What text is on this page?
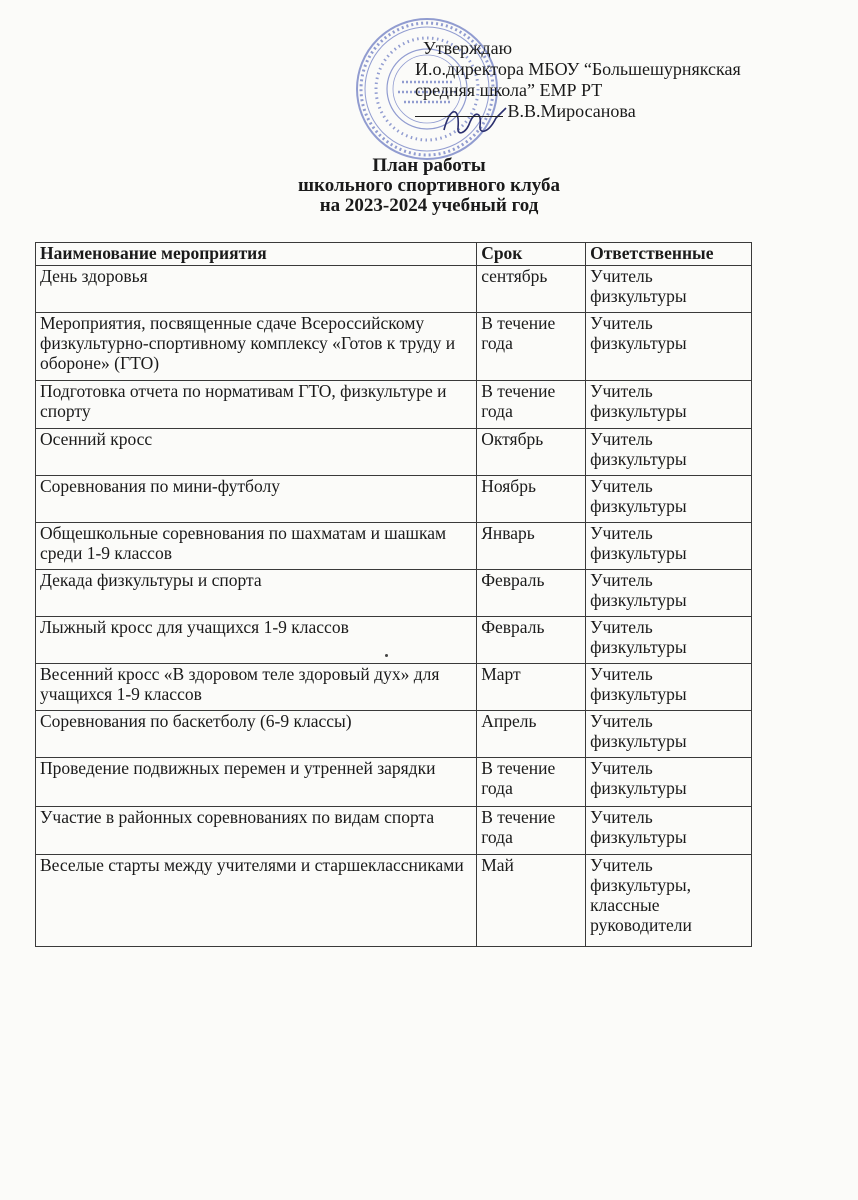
Утверждаю
И.о.директора МБОУ “Большешурнякская
средняя школа” ЕМР РТ
В.В.Миросанова
План работы
школьного спортивного клуба
на 2023-2024 учебный год
Наименование мероприятия	Срок	Ответственные
День здоровья	сентябрь	Учитель физкультуры
Мероприятия, посвященные сдаче Всероссийскому физкультурно-спортивному комплексу «Готов к труду и обороне» (ГТО)	В течение года	Учитель физкультуры
Подготовка отчета по нормативам ГТО, физкультуре и спорту	В течение года	Учитель физкультуры
Осенний кросс	Октябрь	Учитель физкультуры
Соревнования по мини-футболу	Ноябрь	Учитель физкультуры
Общешкольные соревнования по шахматам и шашкам среди 1-9 классов	Январь	Учитель физкультуры
Декада физкультуры и спорта	Февраль	Учитель физкультуры
Лыжный кросс для учащихся 1-9 классов	Февраль	Учитель физкультуры
Весенний кросс «В здоровом теле здоровый дух» для учащихся 1-9 классов	Март	Учитель физкультуры
Соревнования по баскетболу (6-9 классы)	Апрель	Учитель физкультуры
Проведение подвижных перемен и утренней зарядки	В течение года	Учитель физкультуры
Участие в районных соревнованиях по видам спорта	В течение года	Учитель физкультуры
Веселые старты между учителями и старшеклассниками	Май	Учитель физкультуры, классные руководители
